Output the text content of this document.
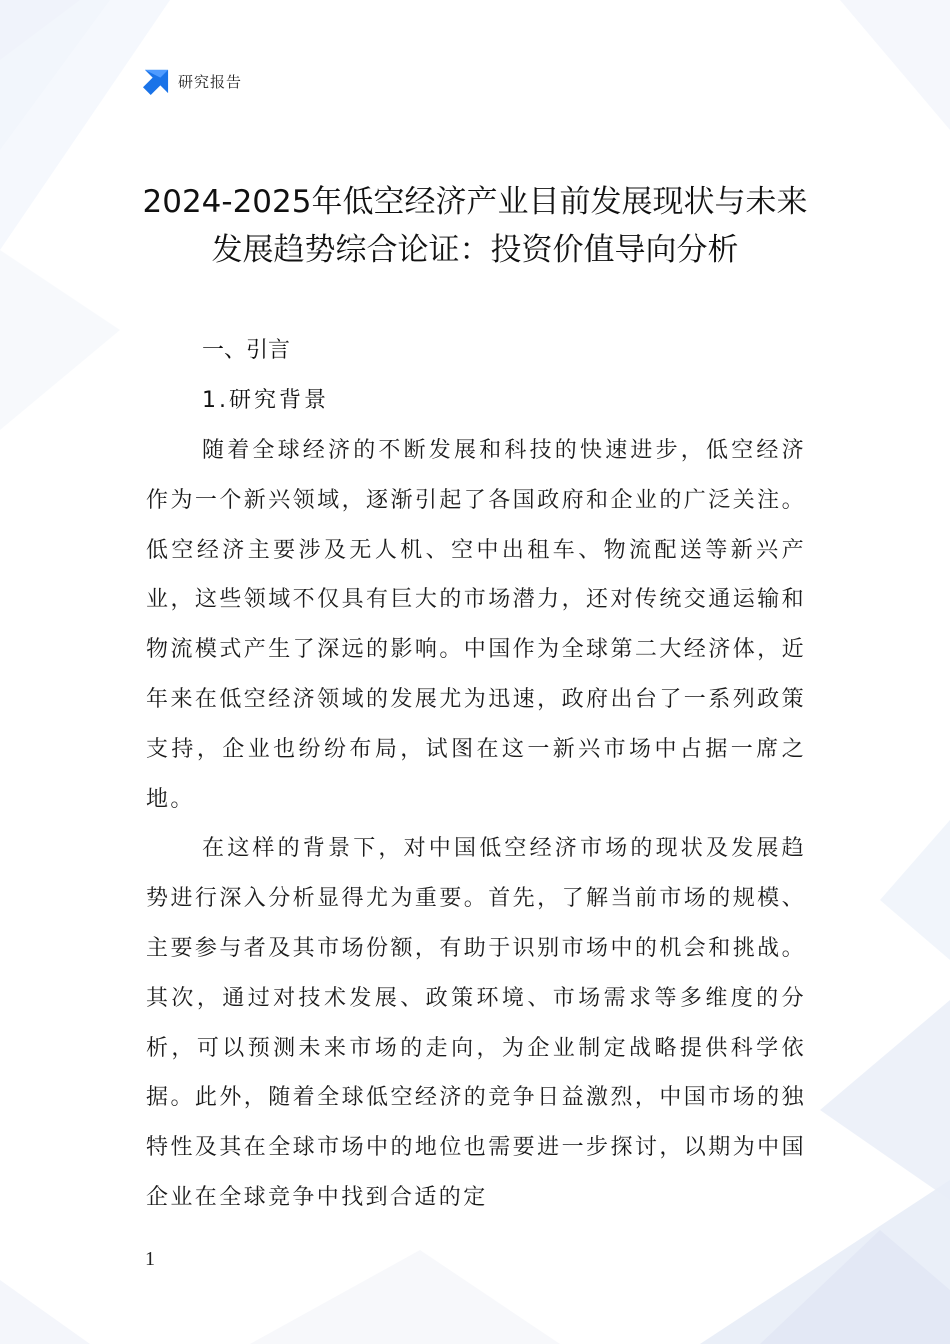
研究报告
2024-2025年低空经济产业目前发展现状与未来
发展趋势综合论证：投资价值导向分析
一、引言
1.研究背景

随着全球经济的不断发展和科技的快速进步，低空经济作为一个新兴领域，逐渐引起了各国政府和企业的广泛关注。低空经济主要涉及无人机、空中出租车、物流配送等新兴产业，这些领域不仅具有巨大的市场潜力，还对传统交通运输和物流模式产生了深远的影响。中国作为全球第二大经济体，近年来在低空经济领域的发展尤为迅速，政府出台了一系列政策支持，企业也纷纷布局，试图在这一新兴市场中占据一席之地。

在这样的背景下，对中国低空经济市场的现状及发展趋势进行深入分析显得尤为重要。首先，了解当前市场的规模、主要参与者及其市场份额，有助于识别市场中的机会和挑战。其次，通过对技术发展、政策环境、市场需求等多维度的分析，可以预测未来市场的走向，为企业制定战略提供科学依据。此外，随着全球低空经济的竞争日益激烈，中国市场的独特性及其在全球市场中的地位也需要进一步探讨，以期为中国企业在全球竞争中找到合适的定

1
